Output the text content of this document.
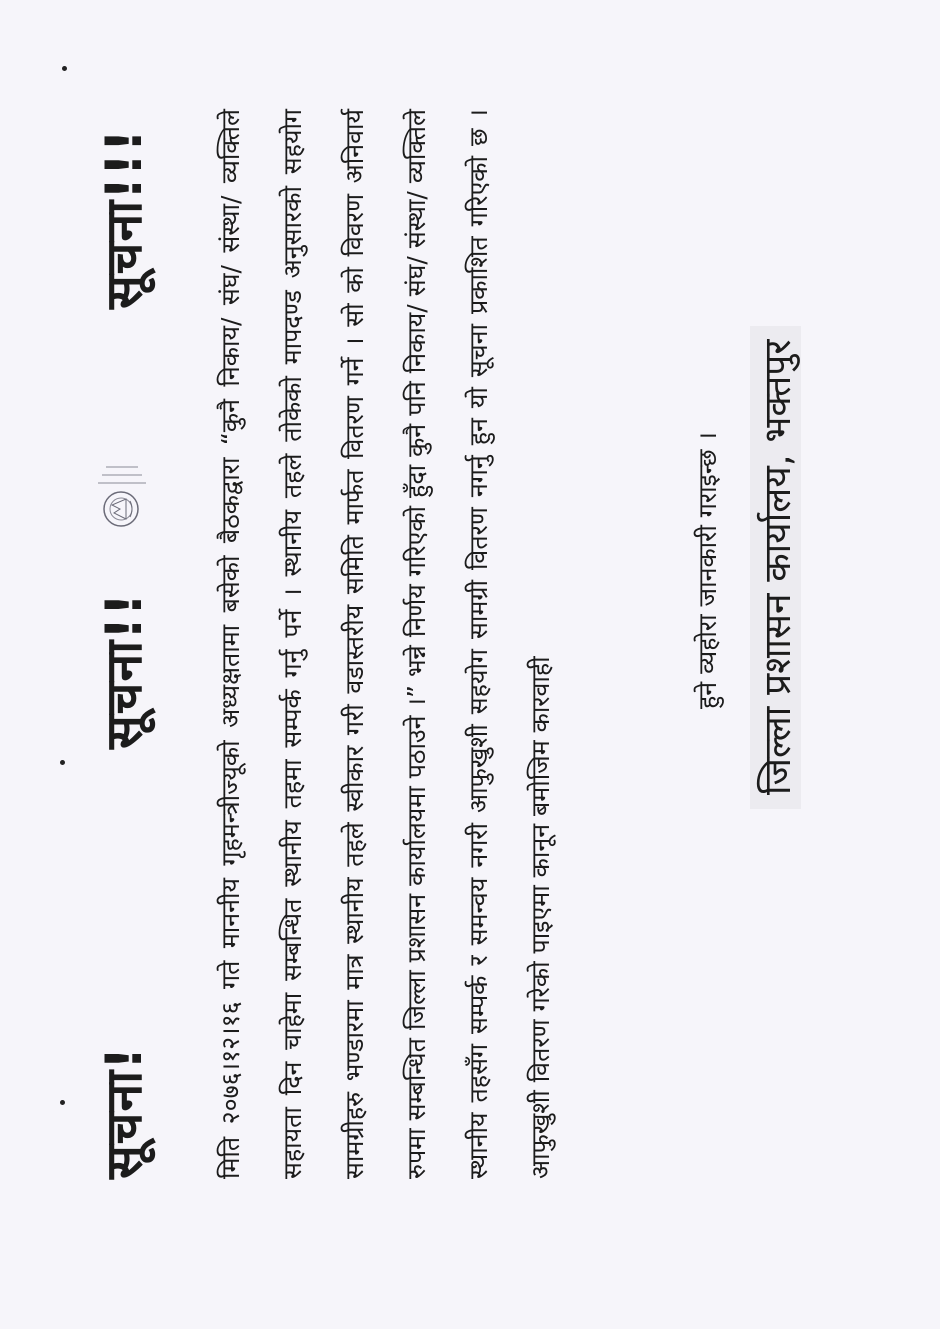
सूचना!
सूचना!!
सूचना!!!	मिति २०७६।१२।१६ गते माननीय गृहमन्त्रीज्यूको अध्यक्षतामा बसेको बैठकद्वारा “कुनै निकाय/ संघ/ संस्था/ व्यक्तिले सहायता दिन चाहेमा सम्बन्धित स्थानीय तहमा सम्पर्क गर्नु पर्ने । स्थानीय तहले तोकेको मापदण्ड अनुसारको सहयोग सामग्रीहरु भण्डारमा मात्र स्थानीय तहले स्वीकार गरी वडास्तरीय समिति मार्फत वितरण गर्ने । सो को विवरण अनिवार्य रुपमा सम्बन्धित जिल्ला प्रशासन कार्यालयमा पठाउने ।” भन्ने निर्णय गरिएको हुँदा कुनै पनि निकाय/ संघ/ संस्था/ व्यक्तिले स्थानीय तहसँग सम्पर्क र समन्वय नगरी आफुखुशी सहयोग सामग्री वितरण नगर्नु हुन यो सूचना प्रकाशित गरिएको छ । आफुखुशी वितरण गरेको पाइएमा कानून बमोजिम कारवाही

हुने व्यहोरा जानकारी गराइन्छ । जिल्ला प्रशासन कार्यालय, भक्तपुर
